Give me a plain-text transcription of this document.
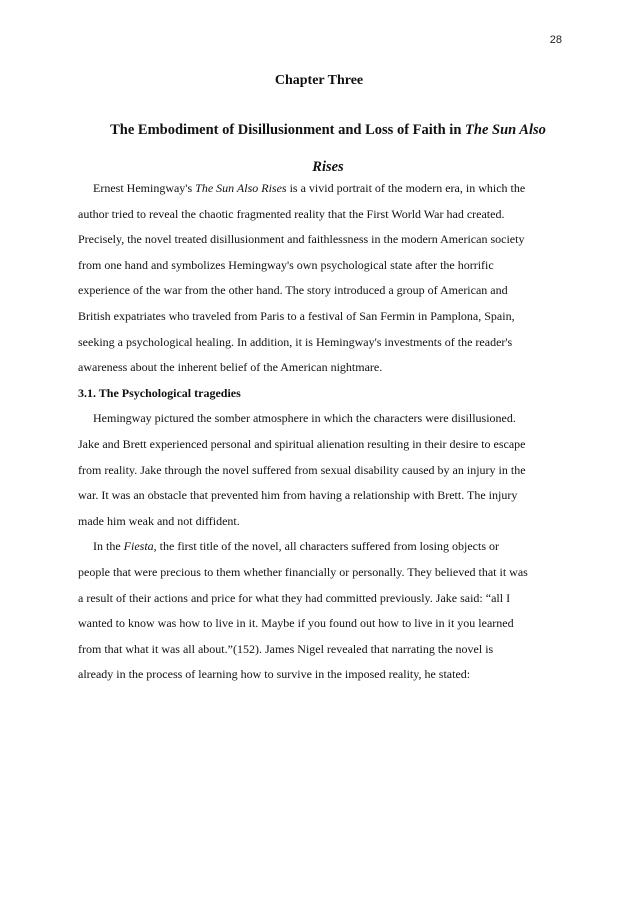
28
Chapter Three
The Embodiment of Disillusionment and Loss of Faith in The Sun Also
Rises
Ernest Hemingway's The Sun Also Rises is a vivid portrait of the modern era, in which the
author tried to reveal the chaotic fragmented reality that the First World War had created.
Precisely, the novel treated disillusionment and faithlessness in the modern American society
from one hand and symbolizes Hemingway's own psychological state after the horrific
experience of the war from the other hand. The story introduced a group of American and
British expatriates who traveled from Paris to a festival of San Fermin in Pamplona, Spain,
seeking a psychological healing. In addition, it is Hemingway's investments of the reader's
awareness about the inherent belief of the American nightmare.
3.1. The Psychological tragedies
Hemingway pictured the somber atmosphere in which the characters were disillusioned.
Jake and Brett experienced personal and spiritual alienation resulting in their desire to escape
from reality. Jake through the novel suffered from sexual disability caused by an injury in the
war. It was an obstacle that prevented him from having a relationship with Brett. The injury
made him weak and not diffident.
In the Fiesta, the first title of the novel, all characters suffered from losing objects or
people that were precious to them whether financially or personally. They believed that it was
a result of their actions and price for what they had committed previously. Jake said: “all I
wanted to know was how to live in it. Maybe if you found out how to live in it you learned
from that what it was all about.”(152). James Nigel revealed that narrating the novel is
already in the process of learning how to survive in the imposed reality, he stated:
